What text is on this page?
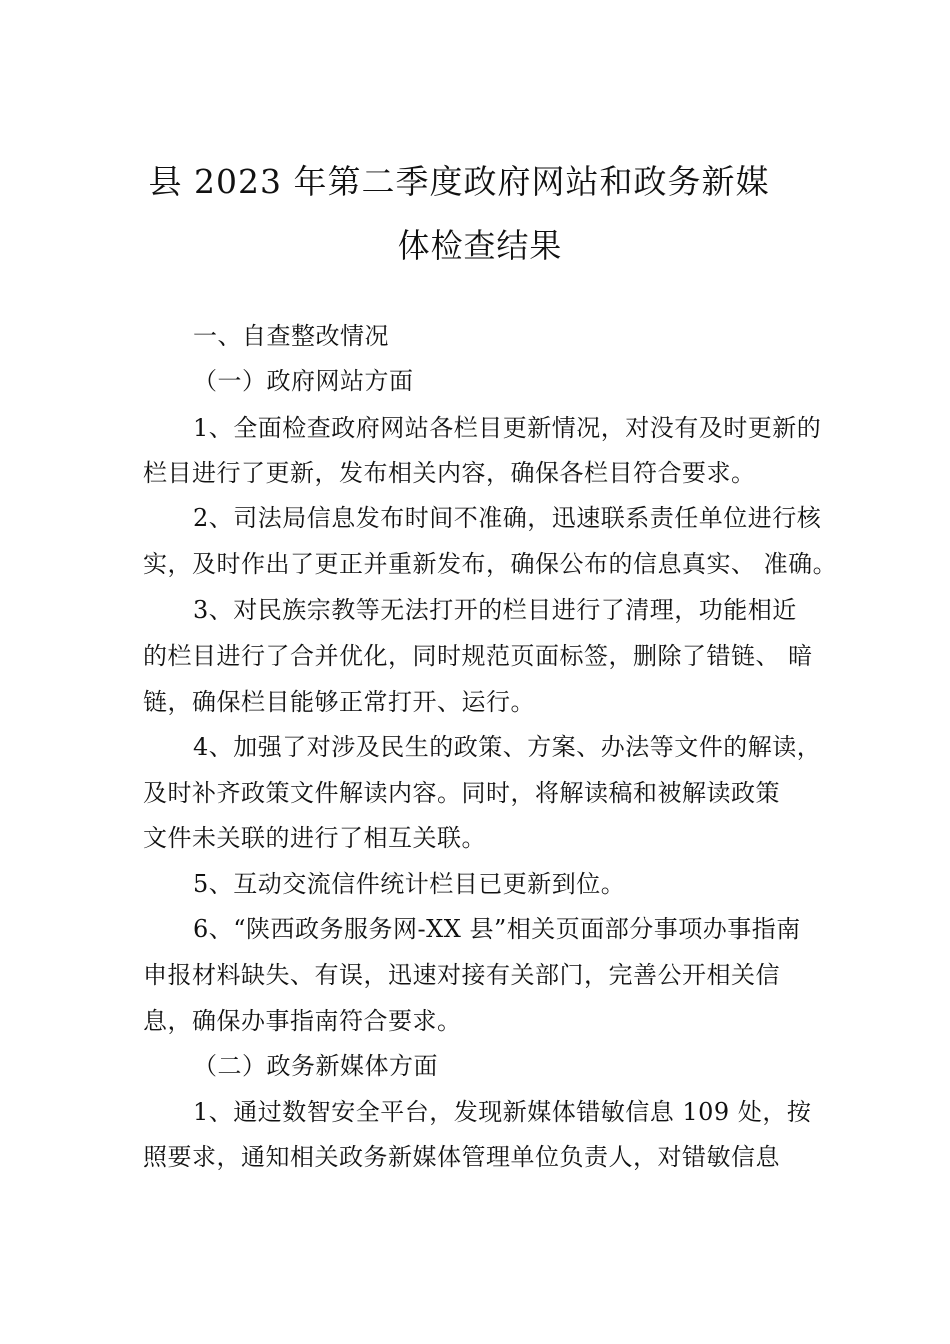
县 2023 年第二季度政府网站和政务新媒
体检查结果
一、自查整改情况
（一）政府网站方面
1、全面检查政府网站各栏目更新情况，对没有及时更新的
栏目进行了更新，发布相关内容，确保各栏目符合要求。
2、司法局信息发布时间不准确，迅速联系责任单位进行核
实，及时作出了更正并重新发布，确保公布的信息真实、 准确。
3、对民族宗教等无法打开的栏目进行了清理，功能相近
的栏目进行了合并优化，同时规范页面标签，删除了错链、 暗
链，确保栏目能够正常打开、运行。
4、加强了对涉及民生的政策、方案、办法等文件的解读，
及时补齐政策文件解读内容。同时，将解读稿和被解读政策
文件未关联的进行了相互关联。
5、互动交流信件统计栏目已更新到位。
6、“陕西政务服务网-XX 县”相关页面部分事项办事指南
申报材料缺失、有误，迅速对接有关部门，完善公开相关信
息，确保办事指南符合要求。
（二）政务新媒体方面
1、通过数智安全平台，发现新媒体错敏信息 109 处，按
照要求，通知相关政务新媒体管理单位负责人，对错敏信息
